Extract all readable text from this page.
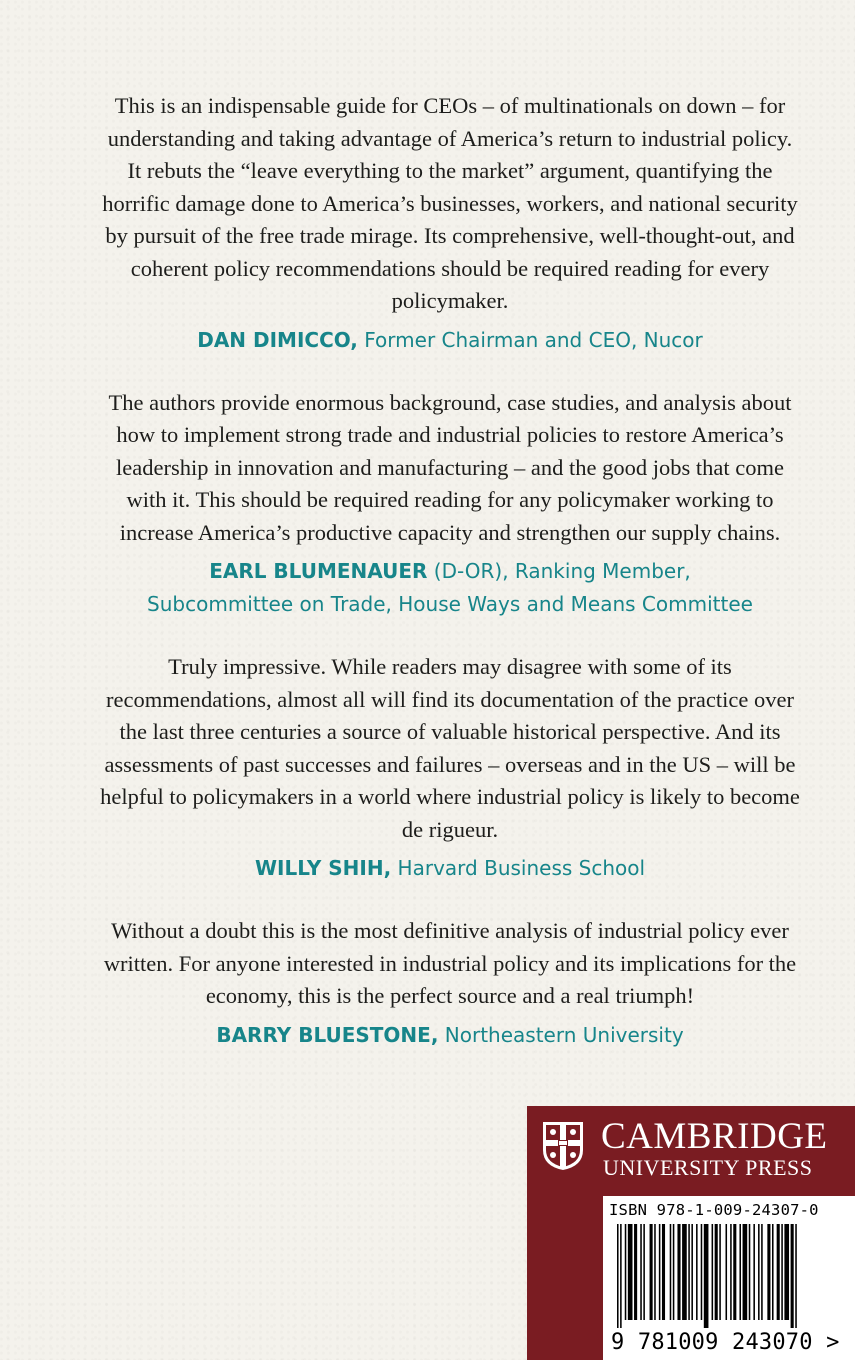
This is an indispensable guide for CEOs – of multinationals on down – for understanding and taking advantage of America’s return to industrial policy. It rebuts the “leave everything to the market” argument, quantifying the horrific damage done to America’s businesses, workers, and national security by pursuit of the free trade mirage. Its comprehensive, well-thought-out, and coherent policy recommendations should be required reading for every policymaker.

DAN DIMICCO, Former Chairman and CEO, Nucor

The authors provide enormous background, case studies, and analysis about how to implement strong trade and industrial policies to restore America’s leadership in innovation and manufacturing – and the good jobs that come with it. This should be required reading for any policymaker working to increase America’s productive capacity and strengthen our supply chains.

EARL BLUMENAUER (D-OR), Ranking Member,
Subcommittee on Trade, House Ways and Means Committee

Truly impressive. While readers may disagree with some of its recommendations, almost all will find its documentation of the practice over the last three centuries a source of valuable historical perspective. And its assessments of past successes and failures – overseas and in the US – will be helpful to policymakers in a world where industrial policy is likely to become de rigueur.

WILLY SHIH, Harvard Business School

Without a doubt this is the most definitive analysis of industrial policy ever written. For anyone interested in industrial policy and its implications for the economy, this is the perfect source and a real triumph!

BARRY BLUESTONE, Northeastern University

CAMBRIDGE
UNIVERSITY PRESS
ISBN 978-1-009-24307-0
9 781009 243070 >
